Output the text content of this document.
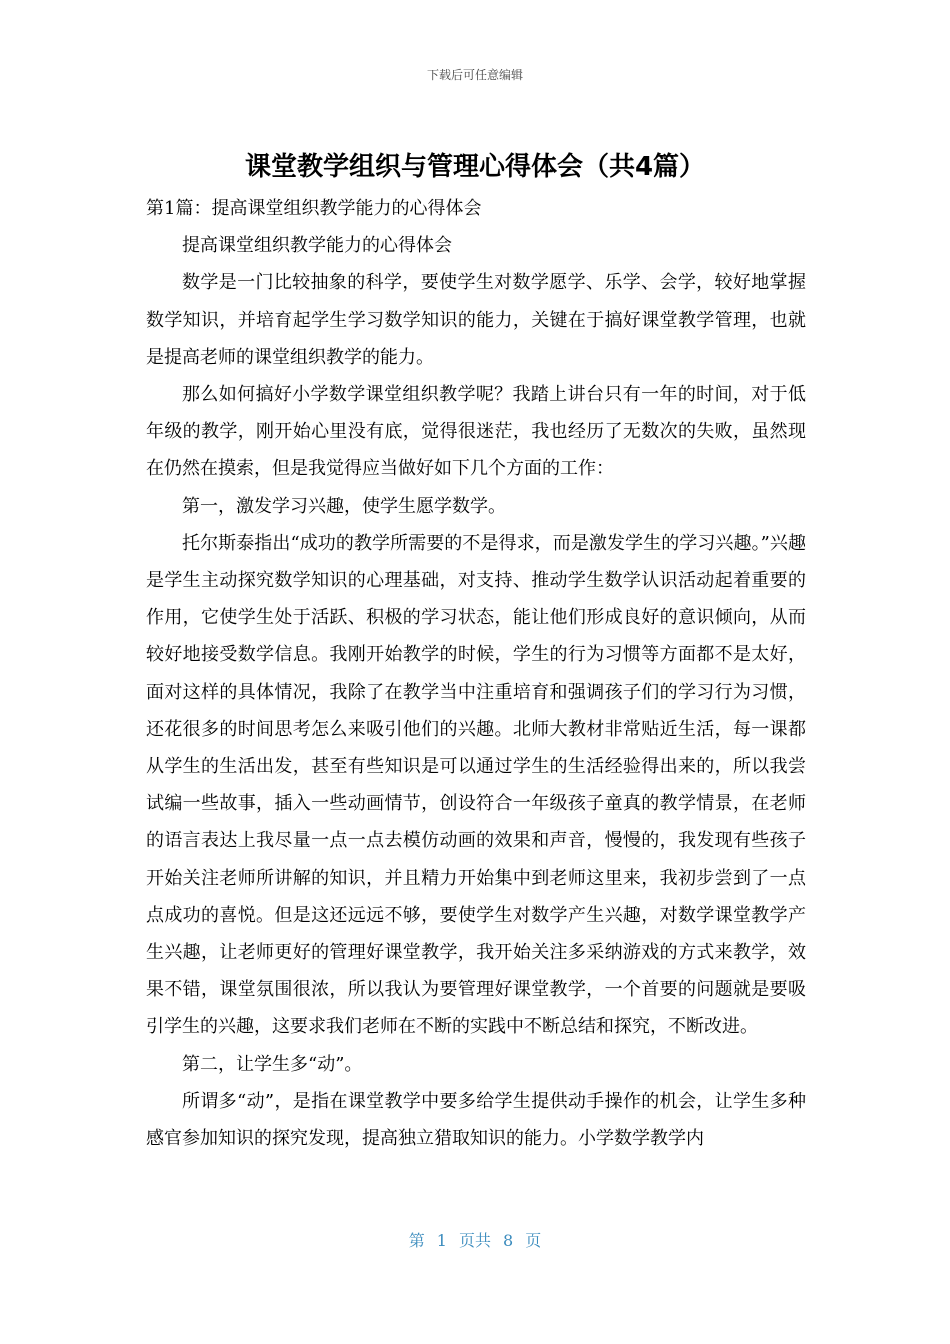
下载后可任意编辑
课堂教学组织与管理心得体会（共4篇）

第1篇：提高课堂组织教学能力的心得体会

提高课堂组织教学能力的心得体会

数学是一门比较抽象的科学，要使学生对数学愿学、乐学、会学，较好地掌握数学知识，并培育起学生学习数学知识的能力，关键在于搞好课堂教学管理，也就是提高老师的课堂组织教学的能力。

那么如何搞好小学数学课堂组织教学呢？我踏上讲台只有一年的时间，对于低年级的教学，刚开始心里没有底，觉得很迷茫，我也经历了无数次的失败，虽然现在仍然在摸索，但是我觉得应当做好如下几个方面的工作：

第一，激发学习兴趣，使学生愿学数学。

托尔斯泰指出“成功的教学所需要的不是得求，而是激发学生的学习兴趣。”兴趣是学生主动探究数学知识的心理基础，对支持、推动学生数学认识活动起着重要的作用，它使学生处于活跃、积极的学习状态，能让他们形成良好的意识倾向，从而较好地接受数学信息。我刚开始教学的时候，学生的行为习惯等方面都不是太好，面对这样的具体情况，我除了在教学当中注重培育和强调孩子们的学习行为习惯，还花很多的时间思考怎么来吸引他们的兴趣。北师大教材非常贴近生活，每一课都从学生的生活出发，甚至有些知识是可以通过学生的生活经验得出来的，所以我尝试编一些故事，插入一些动画情节，创设符合一年级孩子童真的教学情景，在老师的语言表达上我尽量一点一点去模仿动画的效果和声音，慢慢的，我发现有些孩子开始关注老师所讲解的知识，并且精力开始集中到老师这里来，我初步尝到了一点点成功的喜悦。但是这还远远不够，要使学生对数学产生兴趣，对数学课堂教学产生兴趣，让老师更好的管理好课堂教学，我开始关注多采纳游戏的方式来教学，效果不错，课堂氛围很浓，所以我认为要管理好课堂教学，一个首要的问题就是要吸引学生的兴趣，这要求我们老师在不断的实践中不断总结和探究，不断改进。

第二，让学生多“动”。

所谓多“动”，是指在课堂教学中要多给学生提供动手操作的机会，让学生多种感官参加知识的探究发现，提高独立猎取知识的能力。小学数学教学内

第 1 页共 8 页
